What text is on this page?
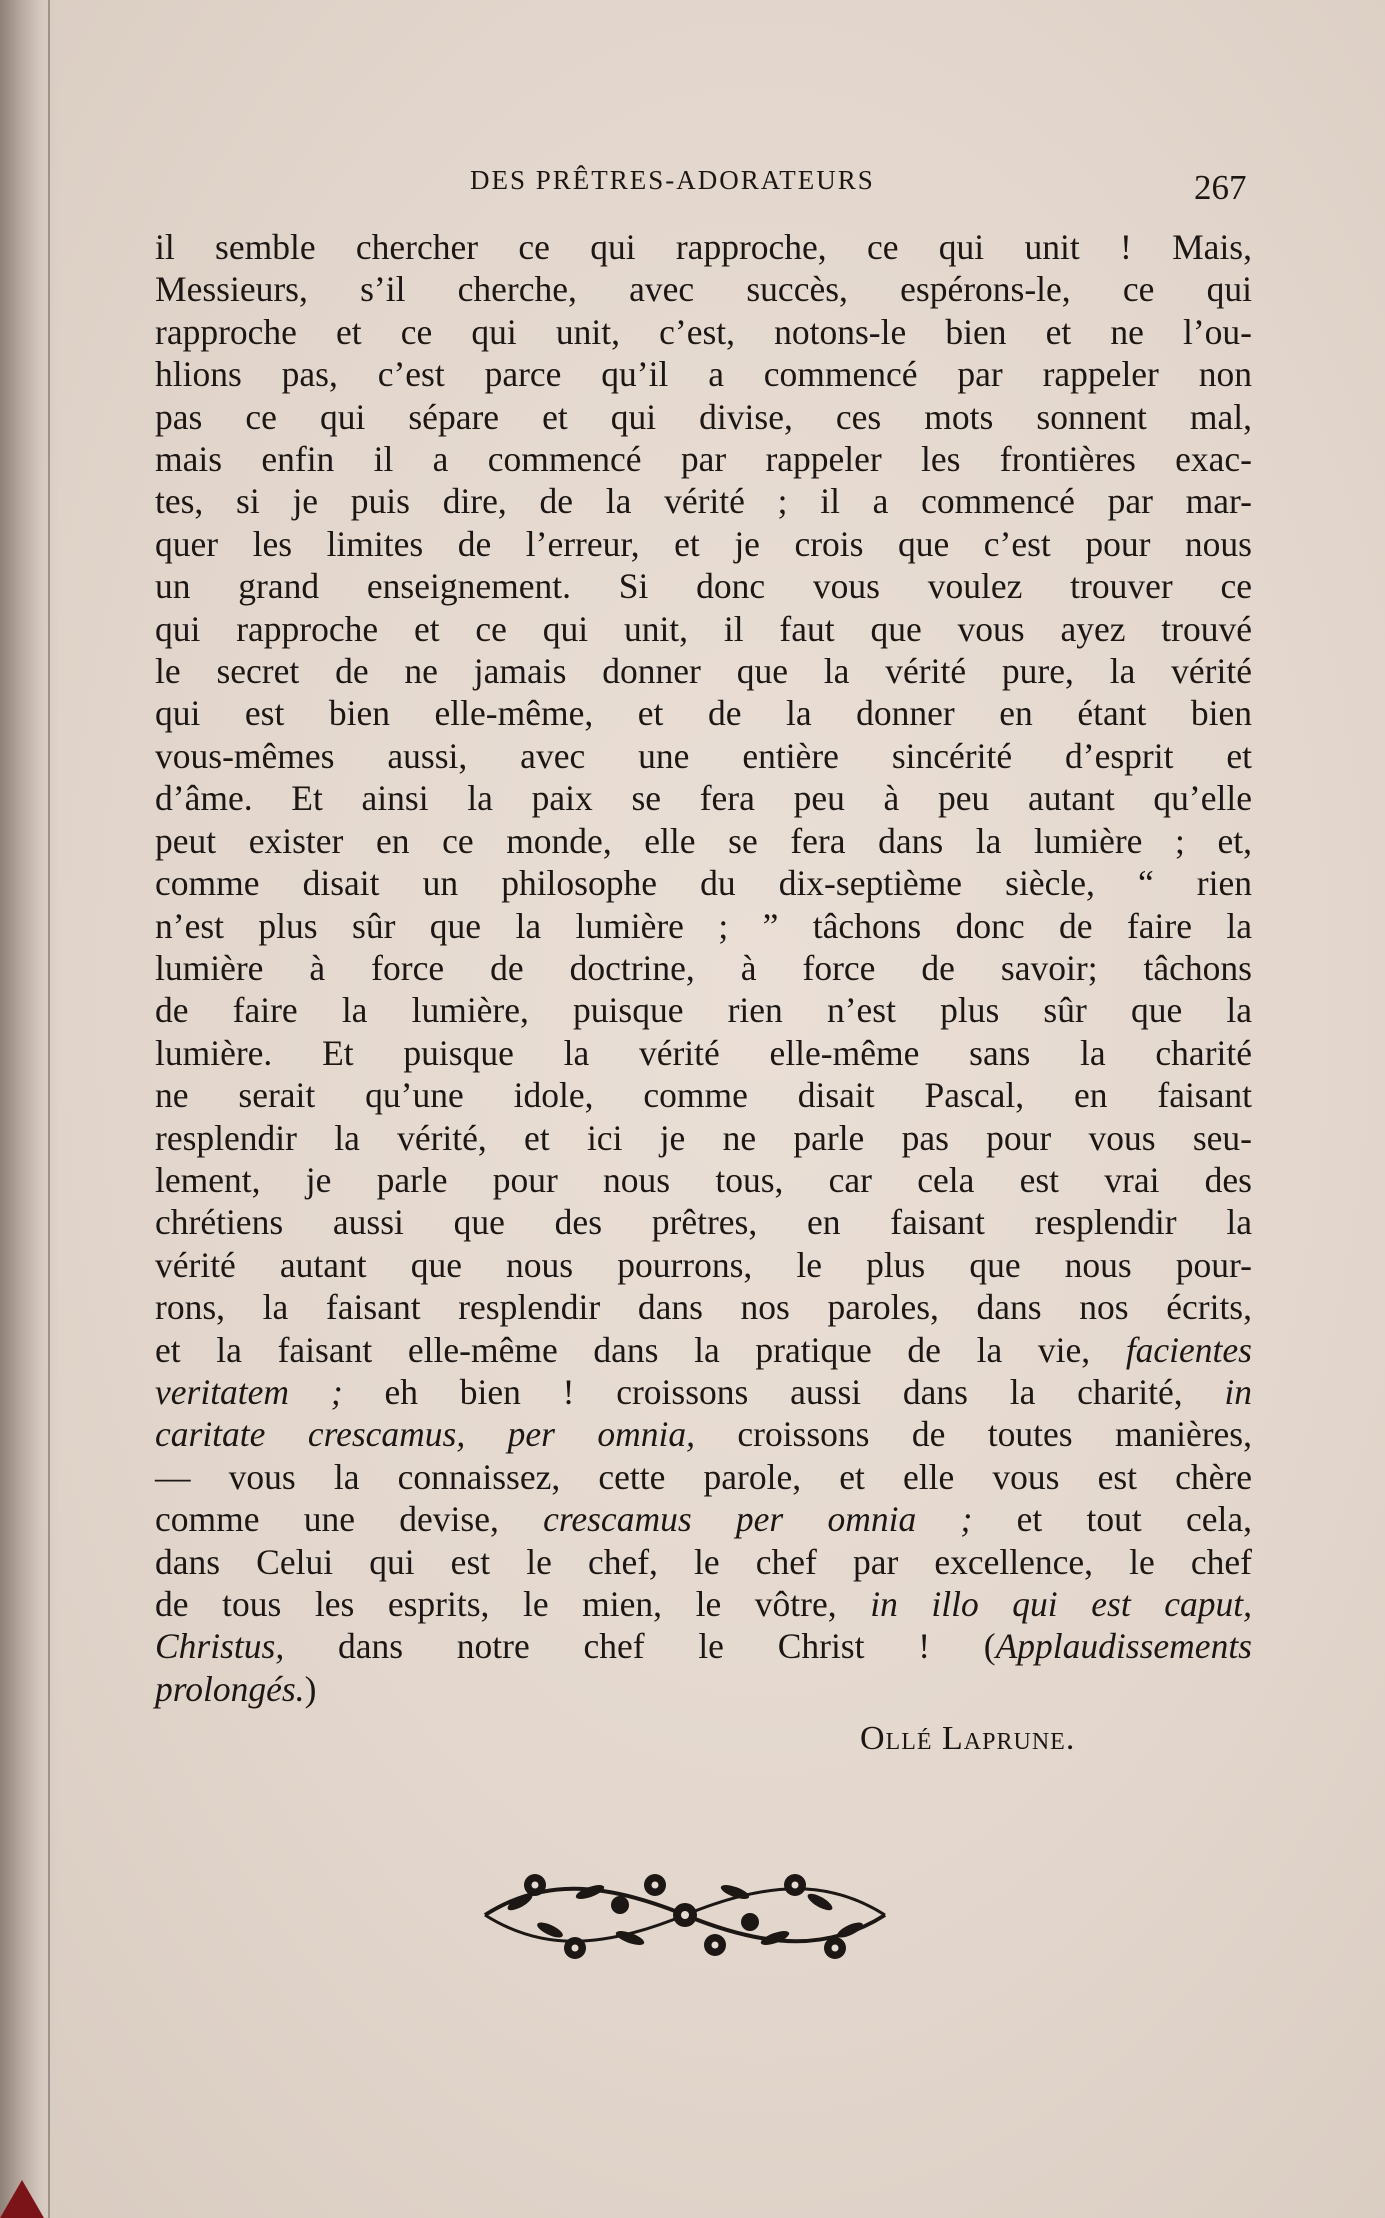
DES PRÊTRES-ADORATEURS	267
il semble chercher ce qui rapproche, ce qui unit ! Mais,
Messieurs, s’il cherche, avec succès, espérons-le, ce qui
rapproche et ce qui unit, c’est, notons-le bien et ne l’ou-
hlions pas, c’est parce qu’il a commencé par rappeler non
pas ce qui sépare et qui divise, ces mots sonnent mal,
mais enfin il a commencé par rappeler les frontières exac-
tes, si je puis dire, de la vérité ; il a commencé par mar-
quer les limites de l’erreur, et je crois que c’est pour nous
un grand enseignement. Si donc vous voulez trouver ce
qui rapproche et ce qui unit, il faut que vous ayez trouvé
le secret de ne jamais donner que la vérité pure, la vérité
qui est bien elle-même, et de la donner en étant bien
vous-mêmes aussi, avec une entière sincérité d’esprit et
d’âme. Et ainsi la paix se fera peu à peu autant qu’elle
peut exister en ce monde, elle se fera dans la lumière ; et,
comme disait un philosophe du dix-septième siècle, “ rien
n’est plus sûr que la lumière ; ” tâchons donc de faire la
lumière à force de doctrine, à force de savoir; tâchons
de faire la lumière, puisque rien n’est plus sûr que la
lumière. Et puisque la vérité elle-même sans la charité
ne serait qu’une idole, comme disait Pascal, en faisant
resplendir la vérité, et ici je ne parle pas pour vous seu-
lement, je parle pour nous tous, car cela est vrai des
chrétiens aussi que des prêtres, en faisant resplendir la
vérité autant que nous pourrons, le plus que nous pour-
rons, la faisant resplendir dans nos paroles, dans nos écrits,
et la faisant elle-même dans la pratique de la vie, facientes
veritatem ; eh bien ! croissons aussi dans la charité, in
caritate crescamus, per omnia, croissons de toutes manières,
— vous la connaissez, cette parole, et elle vous est chère
comme une devise, crescamus per omnia ; et tout cela,
dans Celui qui est le chef, le chef par excellence, le chef
de tous les esprits, le mien, le vôtre, in illo qui est caput,
Christus, dans notre chef le Christ ! (Applaudissements
prolongés.)
Ollé Laprune.
